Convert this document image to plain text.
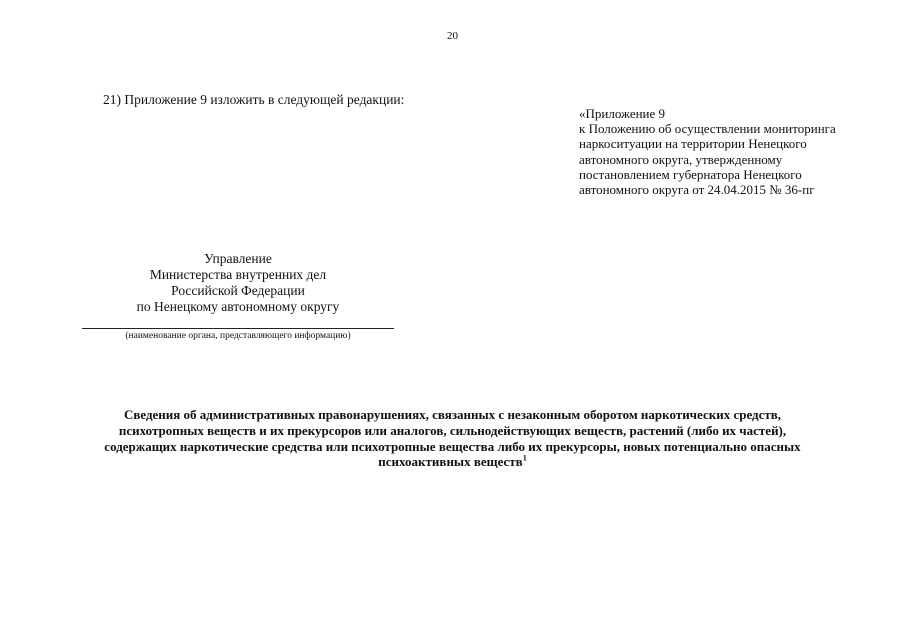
20
21) Приложение 9 изложить в следующей редакции:
«Приложение 9
к Положению об осуществлении мониторинга
наркоситуации на территории Ненецкого
автономного округа, утвержденному
постановлением губернатора Ненецкого
автономного округа от 24.04.2015 № 36-пг
Управление
Министерства внутренних дел
Российской Федерации
по Ненецкому автономному округу
(наименование органа, представляющего информацию)
Сведения об административных правонарушениях, связанных с незаконным оборотом наркотических средств,
психотропных веществ и их прекурсоров или аналогов, сильнодействующих веществ, растений (либо их частей),
содержащих наркотические средства или психотропные вещества либо их прекурсоры, новых потенциально опасных
психоактивных веществ$^1$
